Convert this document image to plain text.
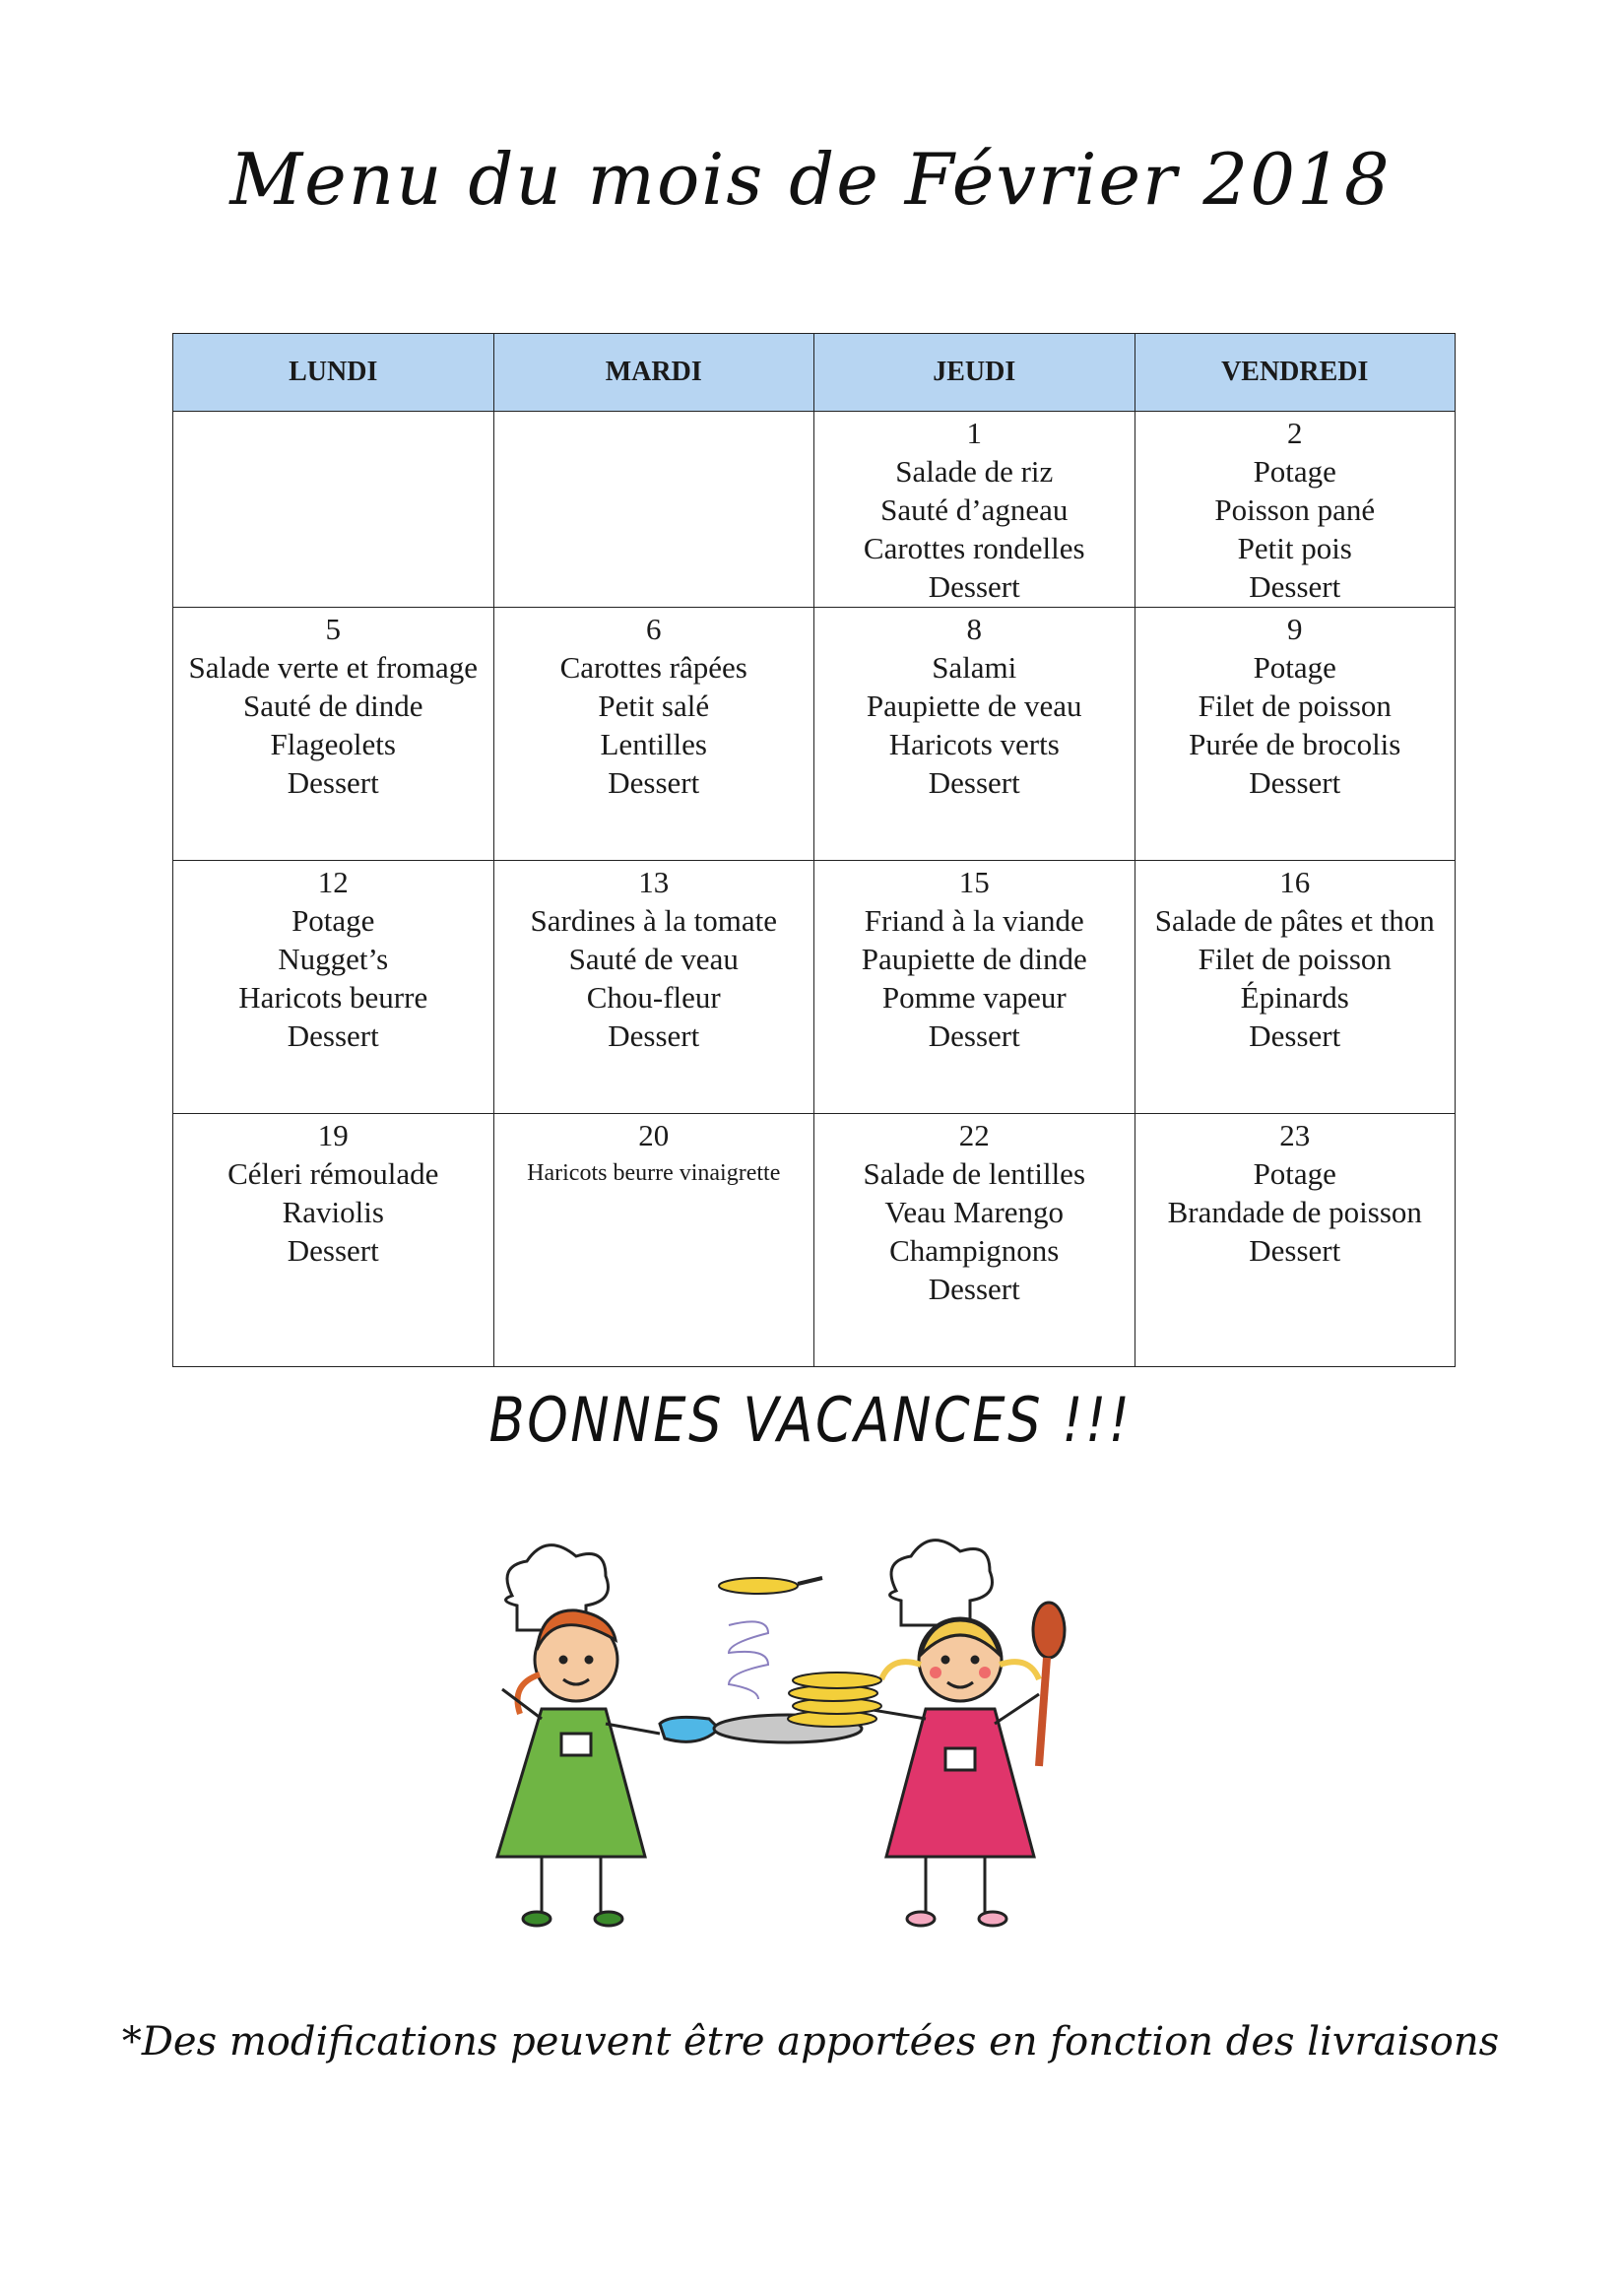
Menu du mois de Février 2018
LUNDI	MARDI	JEUDI	VENDREDI

		1
Salade de riz
Sauté d’agneau
Carottes rondelles
Dessert	2
Potage
Poisson pané
Petit pois
Dessert

5
Salade verte et fromage
Sauté de dinde
Flageolets
Dessert	6
Carottes râpées
Petit salé
Lentilles
Dessert	8
Salami
Paupiette de veau
Haricots verts
Dessert	9
Potage
Filet de poisson
Purée de brocolis
Dessert

12
Potage
Nugget’s
Haricots beurre
Dessert	13
Sardines à la tomate
Sauté de veau
Chou-fleur
Dessert	15
Friand à la viande
Paupiette de dinde
Pomme vapeur
Dessert	16
Salade de pâtes et thon
Filet de poisson
Épinards
Dessert

19
Céleri rémoulade
Raviolis
Dessert	20
Haricots beurre vinaigrette	22
Salade de lentilles
Veau Marengo
Champignons
Dessert	23
Potage
Brandade de poisson
Dessert
BONNES VACANCES !!!
*Des modifications peuvent être apportées en fonction des livraisons
